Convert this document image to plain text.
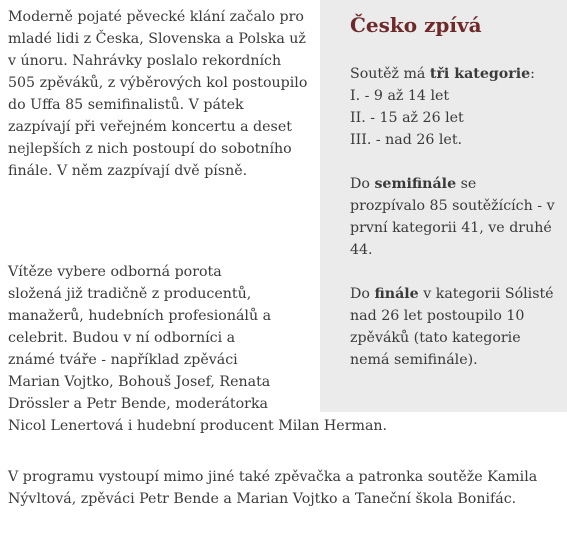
Moderně pojaté pěvecké klání začalo pro mladé lidi z Česka, Slovenska a Polska už v únoru. Nahrávky poslalo rekordních 505 zpěváků, z výběrových kol postoupilo do Uffa 85 semifinalistů. V pátek zazpívají při veřejném koncertu a deset nejlepších z nich postoupí do sobotního finále. V něm zazpívají dvě písně.

Vítěze vybere odborná porota
složená již tradičně z producentů,
manažerů, hudebních profesionálů a
celebrit. Budou v ní odborníci a
známé tváře - například zpěváci
Marian Vojtko, Bohouš Josef, Renata
Drössler a Petr Bende, moderátorka
Nicol Lenertová i hudební producent Milan Herman.

V programu vystoupí mimo jiné také zpěvačka a patronka soutěže Kamila Nývltová, zpěváci Petr Bende a Marian Vojtko a Taneční škola Bonifác.

Česko zpívá

Soutěž má tři kategorie:
I. - 9 až 14 let
II. - 15 až 26 let
III. - nad 26 let.

Do semifinále se prozpívalo 85 soutěžících - v první kategorii 41, ve druhé 44.

Do finále v kategorii Sólisté nad 26 let postoupilo 10 zpěváků (tato kategorie nemá semifinále).
